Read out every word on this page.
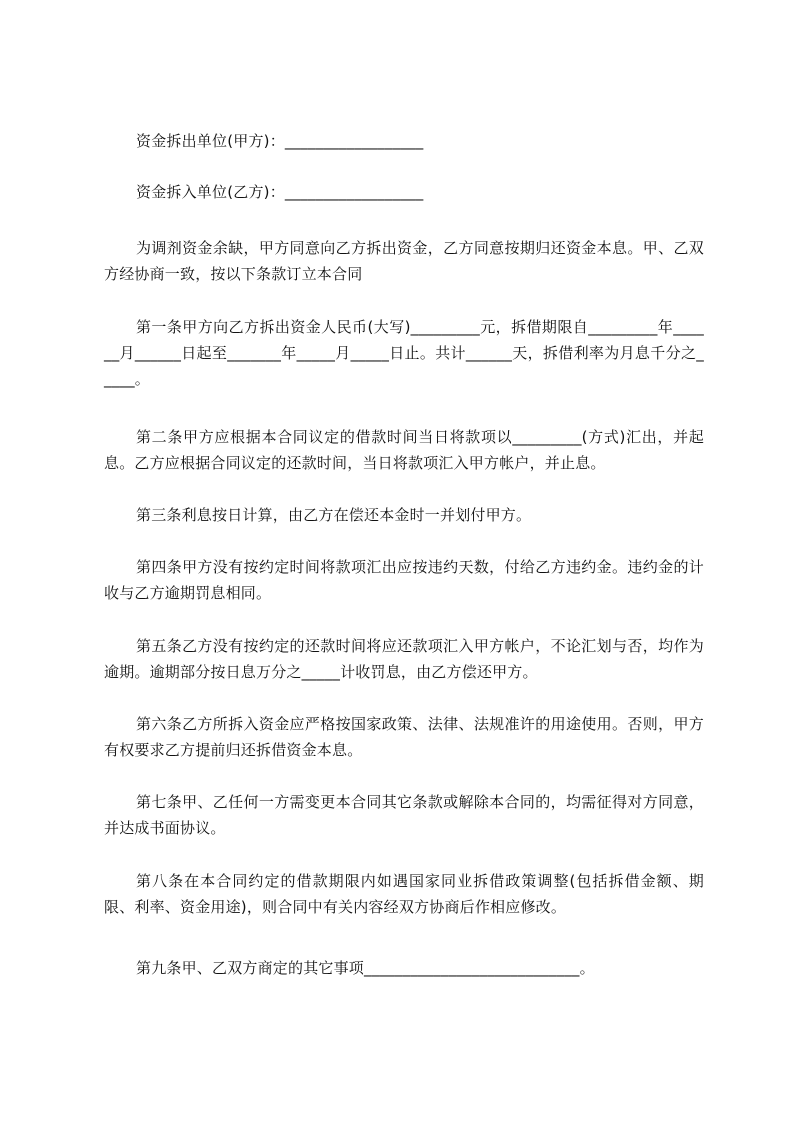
资金拆出单位(甲方)：__________________

资金拆入单位(乙方)：__________________

为调剂资金余缺，甲方同意向乙方拆出资金，乙方同意按期归还资金本息。甲、乙双方经协商一致，按以下条款订立本合同

第一条甲方向乙方拆出资金人民币(大写)_________元，拆借期限自_________年______月______日起至_______年_____月_____日止。共计______天，拆借利率为月息千分之_____。

第二条甲方应根据本合同议定的借款时间当日将款项以_________(方式)汇出，并起息。乙方应根据合同议定的还款时间，当日将款项汇入甲方帐户，并止息。

第三条利息按日计算，由乙方在偿还本金时一并划付甲方。

第四条甲方没有按约定时间将款项汇出应按违约天数，付给乙方违约金。违约金的计收与乙方逾期罚息相同。

第五条乙方没有按约定的还款时间将应还款项汇入甲方帐户，不论汇划与否，均作为逾期。逾期部分按日息万分之_____计收罚息，由乙方偿还甲方。

第六条乙方所拆入资金应严格按国家政策、法律、法规准许的用途使用。否则，甲方有权要求乙方提前归还拆借资金本息。

第七条甲、乙任何一方需变更本合同其它条款或解除本合同的，均需征得对方同意，并达成书面协议。

第八条在本合同约定的借款期限内如遇国家同业拆借政策调整(包括拆借金额、期限、利率、资金用途)，则合同中有关内容经双方协商后作相应修改。

第九条甲、乙双方商定的其它事项____________________________。
